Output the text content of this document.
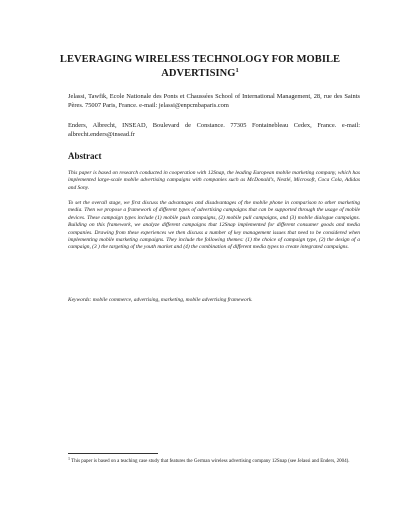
LEVERAGING WIRELESS TECHNOLOGY FOR MOBILE ADVERTISING$^1$

Jelassi, Tawfik, Ecole Nationale des Ponts et Chaussées School of International Management, 28, rue des Saints Pères. 75007 Paris, France. e-mail: jelassi@enpcmbaparis.com

Enders, Albrecht, INSEAD, Boulevard de Constance. 77305 Fontainebleau Cedex, France. e-mail: albrecht.enders@insead.fr

Abstract

This paper is based on research conducted in cooperation with 12Snap, the leading European mobile marketing company, which has implemented large-scale mobile advertising campaigns with companies such as McDonald’s, Nestlé, Microsoft, Coca Cola, Adidas and Sony.

To set the overall stage, we first discuss the advantages and disadvantages of the mobile phone in comparison to other marketing media. Then we propose a framework of different types of advertising campaigns that can be supported through the usage of mobile devices. These campaign types include (1) mobile push campaigns, (2) mobile pull campaigns, and (3) mobile dialogue campaigns. Building on this framework, we analyze different campaigns that 12Snap implemented for different consumer goods and media companies. Drawing from these experiences we then discuss a number of key management issues that need to be considered when implementing mobile marketing campaigns. They include the following themes: (1) the choice of campaign type, (2) the design of a campaign, (3 ) the targeting of the youth market and (4) the combination of different media types to create integrated campaigns.

Keywords: mobile commerce, advertising, marketing, mobile advertising framework.

$^1$ This paper is based on a teaching case study that features the German wireless advertising company 12Snap (see Jelassi and Enders, 2004).
